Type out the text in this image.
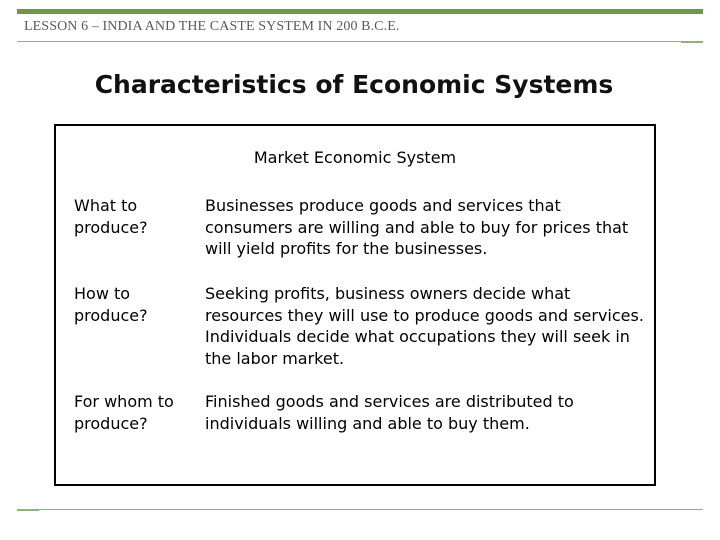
LESSON 6 – INDIA AND THE CASTE SYSTEM IN 200 B.C.E.
Characteristics of Economic Systems
Market Economic System
What to produce?
Businesses produce goods and services that consumers are willing and able to buy for prices that will yield profits for the businesses.
How to produce?
Seeking profits, business owners decide what resources they will use to produce goods and services. Individuals decide what occupations they will seek in the labor market.
For whom to produce?
Finished goods and services are distributed to individuals willing and able to buy them.
